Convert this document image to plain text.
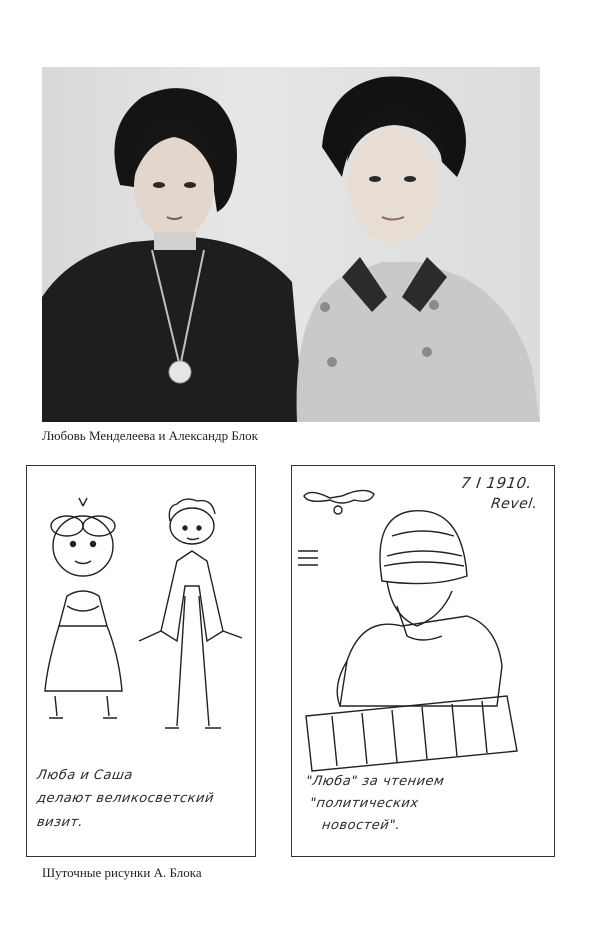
Любовь Менделеева и Александр Блок
Люба и Саша
делают великосветский
визит.
7 I 1910.
Revel.
"Люба" за чтением
"политических
новостей".
Шуточные рисунки А. Блока
